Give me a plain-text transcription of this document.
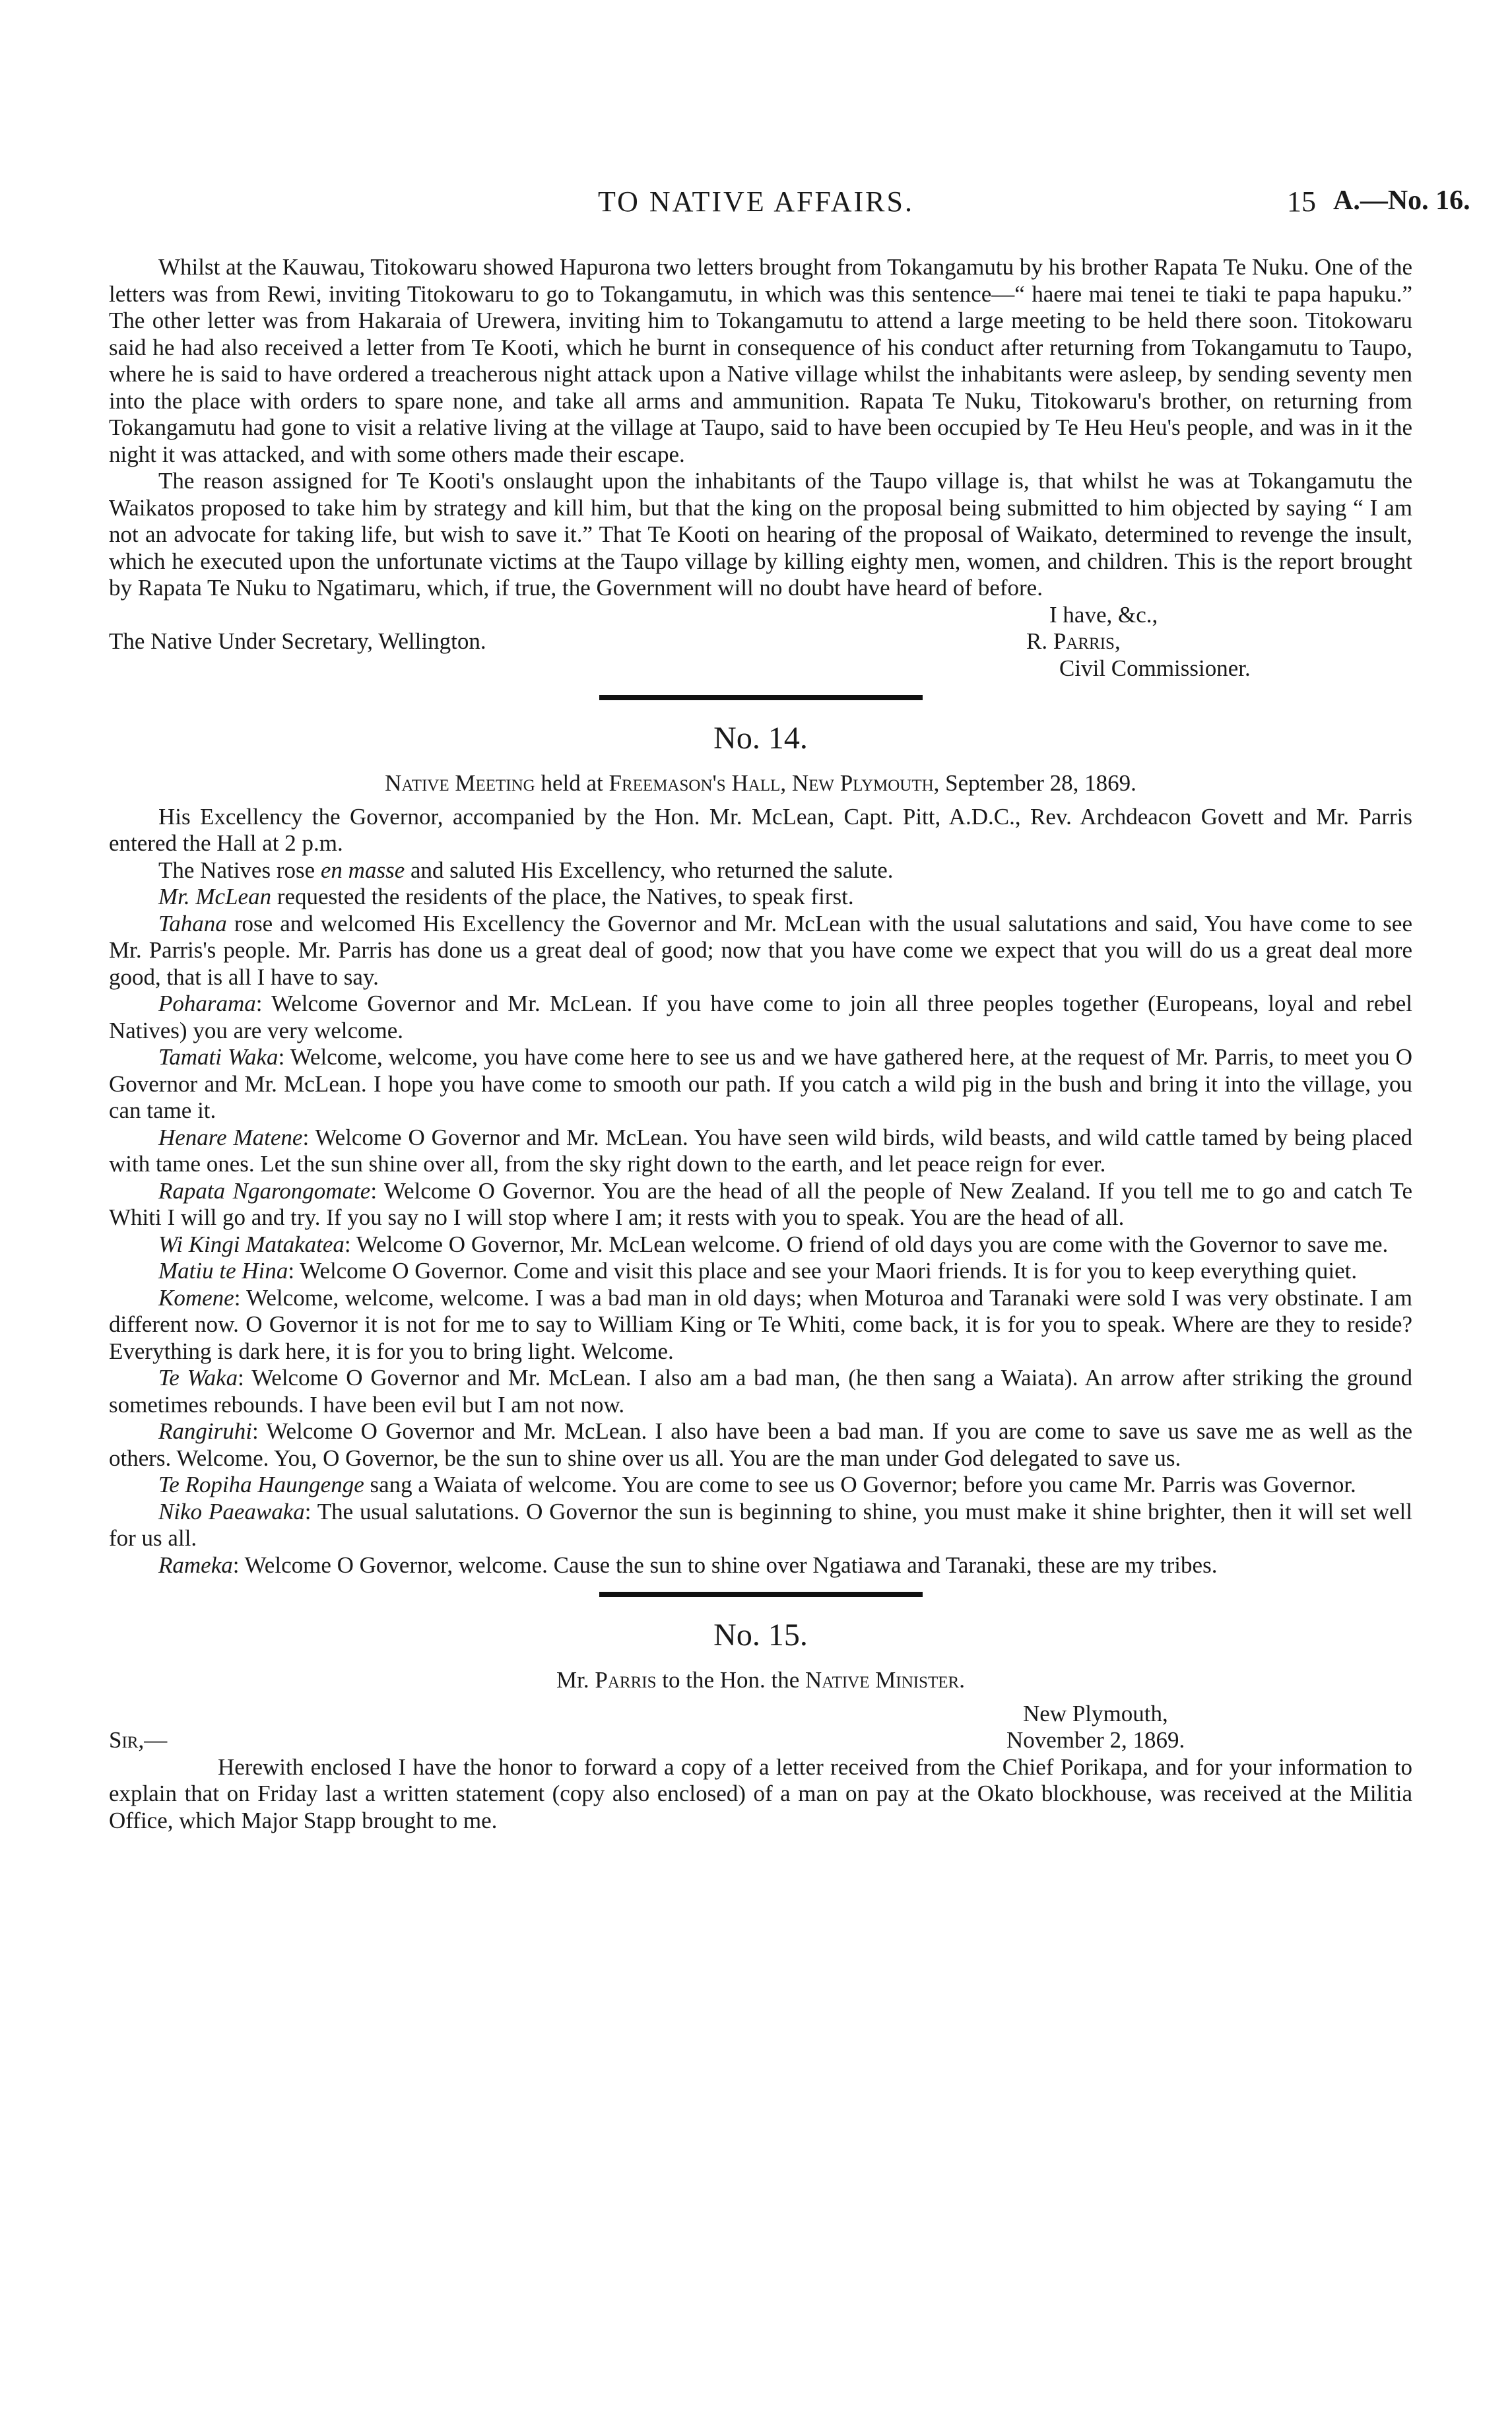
TO NATIVE AFFAIRS.	15 A.—No. 16.

Whilst at the Kauwau, Titokowaru showed Hapurona two letters brought from Tokangamutu by his brother Rapata Te Nuku. One of the letters was from Rewi, inviting Titokowaru to go to Tokangamutu, in which was this sentence—“ haere mai tenei te tiaki te papa hapuku.” The other letter was from Hakaraia of Urewera, inviting him to Tokangamutu to attend a large meeting to be held there soon. Titokowaru said he had also received a letter from Te Kooti, which he burnt in consequence of his conduct after returning from Tokangamutu to Taupo, where he is said to have ordered a treacherous night attack upon a Native village whilst the inhabitants were asleep, by sending seventy men into the place with orders to spare none, and take all arms and ammunition. Rapata Te Nuku, Titokowaru's brother, on returning from Tokangamutu had gone to visit a relative living at the village at Taupo, said to have been occupied by Te Heu Heu's people, and was in it the night it was attacked, and with some others made their escape.

The reason assigned for Te Kooti's onslaught upon the inhabitants of the Taupo village is, that whilst he was at Tokangamutu the Waikatos proposed to take him by strategy and kill him, but that the king on the proposal being submitted to him objected by saying “ I am not an advocate for taking life, but wish to save it.” That Te Kooti on hearing of the proposal of Waikato, determined to revenge the insult, which he executed upon the unfortunate victims at the Taupo village by killing eighty men, women, and children. This is the report brought by Rapata Te Nuku to Ngatimaru, which, if true, the Government will no doubt have heard of before.

I have, &c.,
The Native Under Secretary, Wellington.	R. Parris,
Civil Commissioner.
No. 14.
Native Meeting held at Freemason's Hall, New Plymouth, September 28, 1869.

His Excellency the Governor, accompanied by the Hon. Mr. McLean, Capt. Pitt, A.D.C., Rev. Archdeacon Govett and Mr. Parris entered the Hall at 2 p.m.

The Natives rose en masse and saluted His Excellency, who returned the salute.

Mr. McLean requested the residents of the place, the Natives, to speak first.

Tahana rose and welcomed His Excellency the Governor and Mr. McLean with the usual salutations and said, You have come to see Mr. Parris's people. Mr. Parris has done us a great deal of good; now that you have come we expect that you will do us a great deal more good, that is all I have to say.

Poharama: Welcome Governor and Mr. McLean. If you have come to join all three peoples together (Europeans, loyal and rebel Natives) you are very welcome.

Tamati Waka: Welcome, welcome, you have come here to see us and we have gathered here, at the request of Mr. Parris, to meet you O Governor and Mr. McLean. I hope you have come to smooth our path. If you catch a wild pig in the bush and bring it into the village, you can tame it.

Henare Matene: Welcome O Governor and Mr. McLean. You have seen wild birds, wild beasts, and wild cattle tamed by being placed with tame ones. Let the sun shine over all, from the sky right down to the earth, and let peace reign for ever.

Rapata Ngarongomate: Welcome O Governor. You are the head of all the people of New Zealand. If you tell me to go and catch Te Whiti I will go and try. If you say no I will stop where I am; it rests with you to speak. You are the head of all.

Wi Kingi Matakatea: Welcome O Governor, Mr. McLean welcome. O friend of old days you are come with the Governor to save me.

Matiu te Hina: Welcome O Governor. Come and visit this place and see your Maori friends. It is for you to keep everything quiet.

Komene: Welcome, welcome, welcome. I was a bad man in old days; when Moturoa and Taranaki were sold I was very obstinate. I am different now. O Governor it is not for me to say to William King or Te Whiti, come back, it is for you to speak. Where are they to reside? Everything is dark here, it is for you to bring light. Welcome.

Te Waka: Welcome O Governor and Mr. McLean. I also am a bad man, (he then sang a Waiata). An arrow after striking the ground sometimes rebounds. I have been evil but I am not now.

Rangiruhi: Welcome O Governor and Mr. McLean. I also have been a bad man. If you are come to save us save me as well as the others. Welcome. You, O Governor, be the sun to shine over us all. You are the man under God delegated to save us.

Te Ropiha Haungenge sang a Waiata of welcome. You are come to see us O Governor; before you came Mr. Parris was Governor.

Niko Paeawaka: The usual salutations. O Governor the sun is beginning to shine, you must make it shine brighter, then it will set well for us all.

Rameka: Welcome O Governor, welcome. Cause the sun to shine over Ngatiawa and Taranaki, these are my tribes.

No. 15.
Mr. Parris to the Hon. the Native Minister.
New Plymouth,
Sir,—	November 2, 1869.

Herewith enclosed I have the honor to forward a copy of a letter received from the Chief Porikapa, and for your information to explain that on Friday last a written statement (copy also enclosed) of a man on pay at the Okato blockhouse, was received at the Militia Office, which Major Stapp brought to me.
